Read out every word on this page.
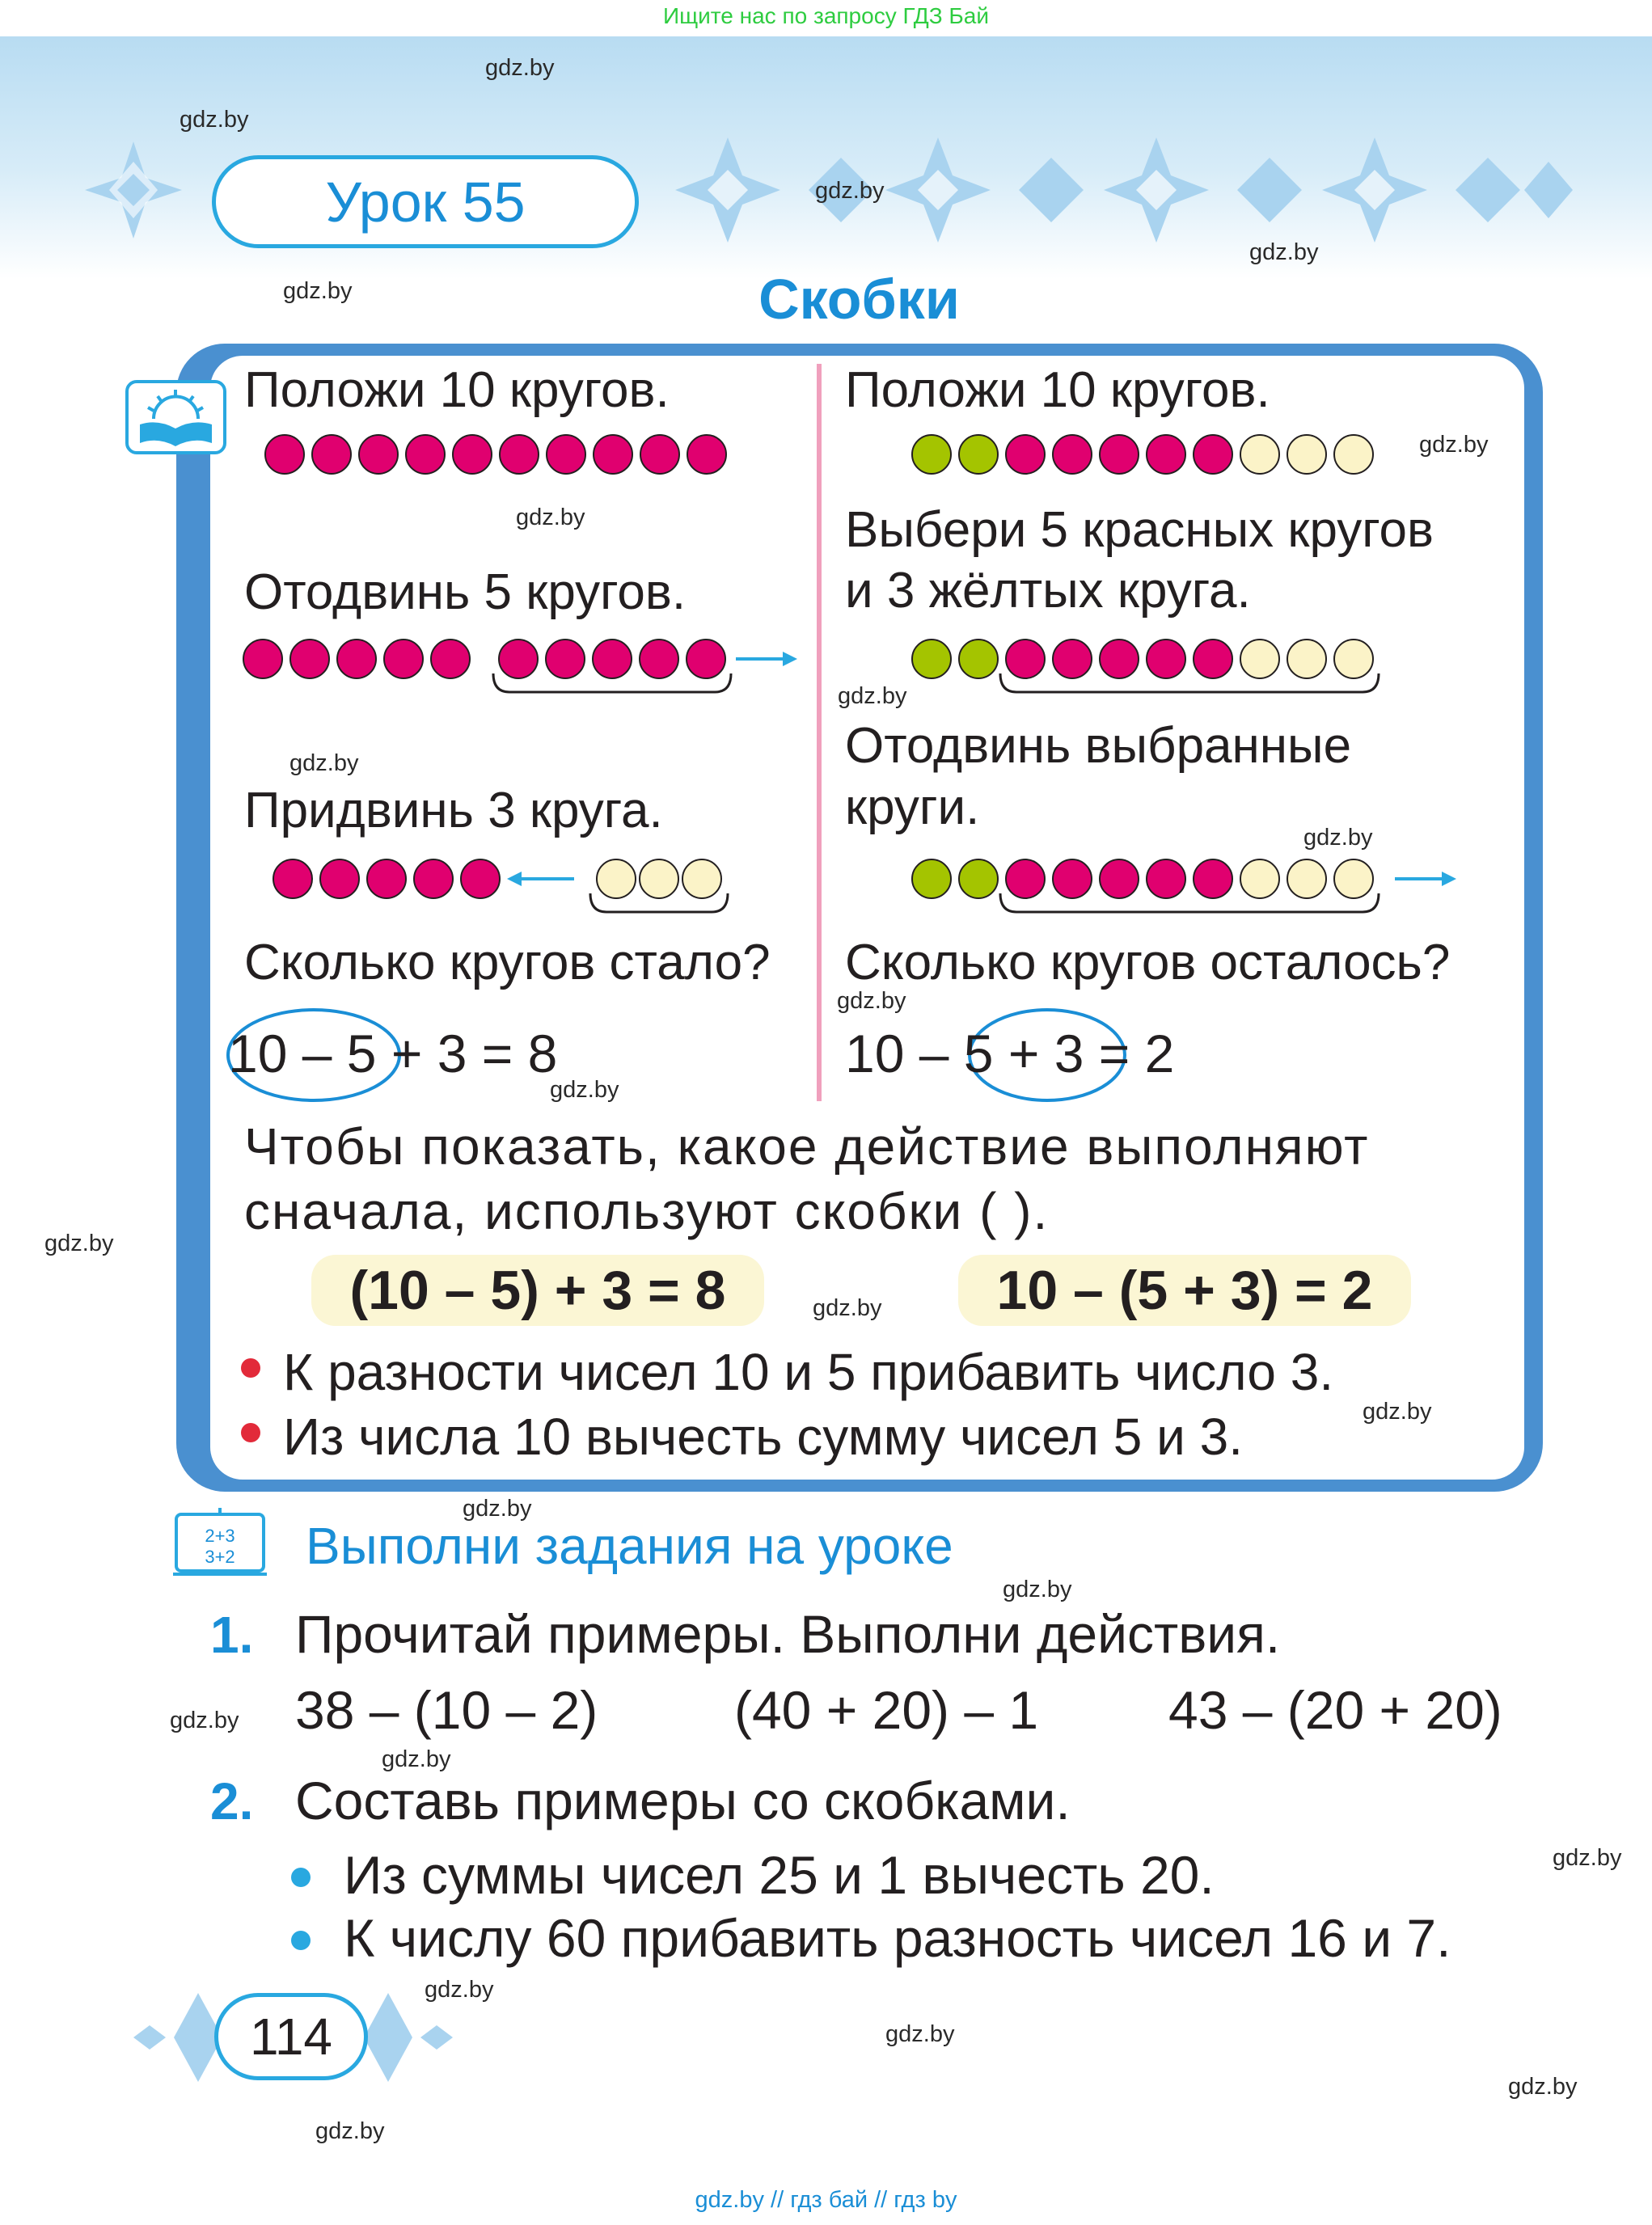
Ищите нас по запросу ГДЗ Бай
Урок 55
Скобки
gdz.by
gdz.by
gdz.by
gdz.by
gdz.by
Положи 10 кругов.
gdz.by
Отодвинь 5 кругов.
gdz.by
Придвинь 3 круга.
Сколько кругов стало?
10 – 5 + 3 = 8
gdz.by
Положи 10 кругов.
gdz.by
Выбери 5 красных кругов
и 3 жёлтых круга.
gdz.by
Отодвинь выбранные
круги.
gdz.by
Сколько кругов осталось?
gdz.by
10 – 5 + 3 = 2
Чтобы показать, какое действие выполняют
сначала, используют скобки ( ).
gdz.by
(10 – 5) + 3 = 8	10 – (5 + 3) = 2
gdz.by
К разности чисел 10 и 5 прибавить число 3.
Из числа 10 вычесть сумму чисел 5 и 3.	gdz.by
gdz.by
2+3
3+2 Выполни задания на уроке
gdz.by
1. Прочитай примеры. Выполни действия.
gdz.by 38 – (10 – 2)	(40 + 20) – 1 43 – (20 + 20)
gdz.by
2. Составь примеры со скобками.
gdz.by
Из суммы чисел 25 и 1 вычесть 20.
К числу 60 прибавить разность чисел 16 и 7.
114
gdz.by
gdz.by
gdz.by
gdz.by
gdz.by // гдз бай // гдз by
